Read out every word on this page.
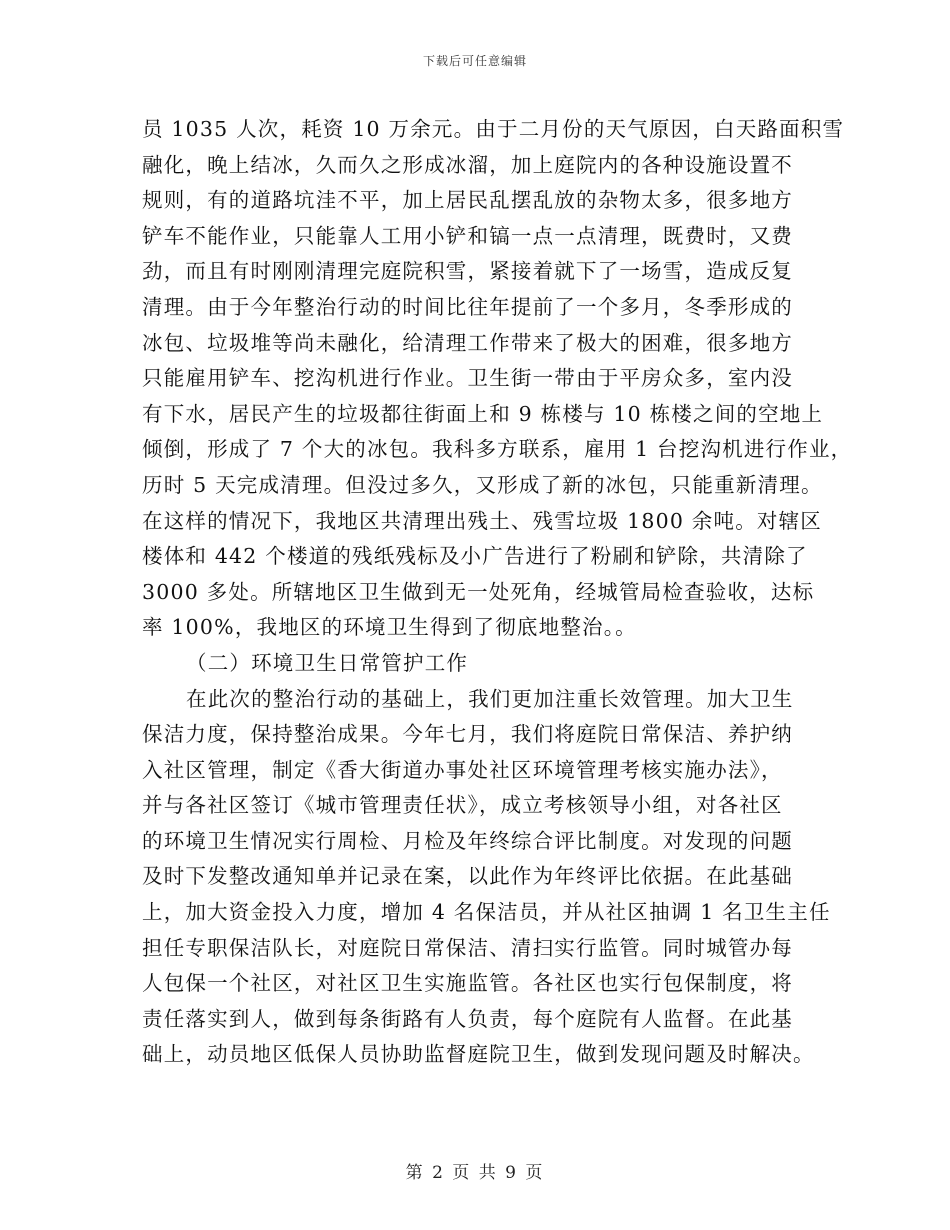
下载后可任意编辑
员 1035 人次，耗资 10 万余元。由于二月份的天气原因，白天路面积雪
融化，晚上结冰，久而久之形成冰溜，加上庭院内的各种设施设置不
规则，有的道路坑洼不平，加上居民乱摆乱放的杂物太多，很多地方
铲车不能作业，只能靠人工用小铲和镐一点一点清理，既费时，又费
劲，而且有时刚刚清理完庭院积雪，紧接着就下了一场雪，造成反复
清理。由于今年整治行动的时间比往年提前了一个多月，冬季形成的
冰包、垃圾堆等尚未融化，给清理工作带来了极大的困难，很多地方
只能雇用铲车、挖沟机进行作业。卫生街一带由于平房众多，室内没
有下水，居民产生的垃圾都往街面上和 9 栋楼与 10 栋楼之间的空地上
倾倒，形成了 7 个大的冰包。我科多方联系，雇用 1 台挖沟机进行作业，
历时 5 天完成清理。但没过多久，又形成了新的冰包，只能重新清理。
在这样的情况下，我地区共清理出残土、残雪垃圾 1800 余吨。对辖区
楼体和 442 个楼道的残纸残标及小广告进行了粉刷和铲除，共清除了
3000 多处。所辖地区卫生做到无一处死角，经城管局检查验收，达标
率 100%，我地区的环境卫生得到了彻底地整治。。
（二）环境卫生日常管护工作
在此次的整治行动的基础上，我们更加注重长效管理。加大卫生
保洁力度，保持整治成果。今年七月，我们将庭院日常保洁、养护纳
入社区管理，制定《香大街道办事处社区环境管理考核实施办法》，
并与各社区签订《城市管理责任状》，成立考核领导小组，对各社区
的环境卫生情况实行周检、月检及年终综合评比制度。对发现的问题
及时下发整改通知单并记录在案，以此作为年终评比依据。在此基础
上，加大资金投入力度，增加 4 名保洁员，并从社区抽调 1 名卫生主任
担任专职保洁队长，对庭院日常保洁、清扫实行监管。同时城管办每
人包保一个社区，对社区卫生实施监管。各社区也实行包保制度，将
责任落实到人，做到每条街路有人负责，每个庭院有人监督。在此基
础上，动员地区低保人员协助监督庭院卫生，做到发现问题及时解决。
第 2 页 共 9 页
